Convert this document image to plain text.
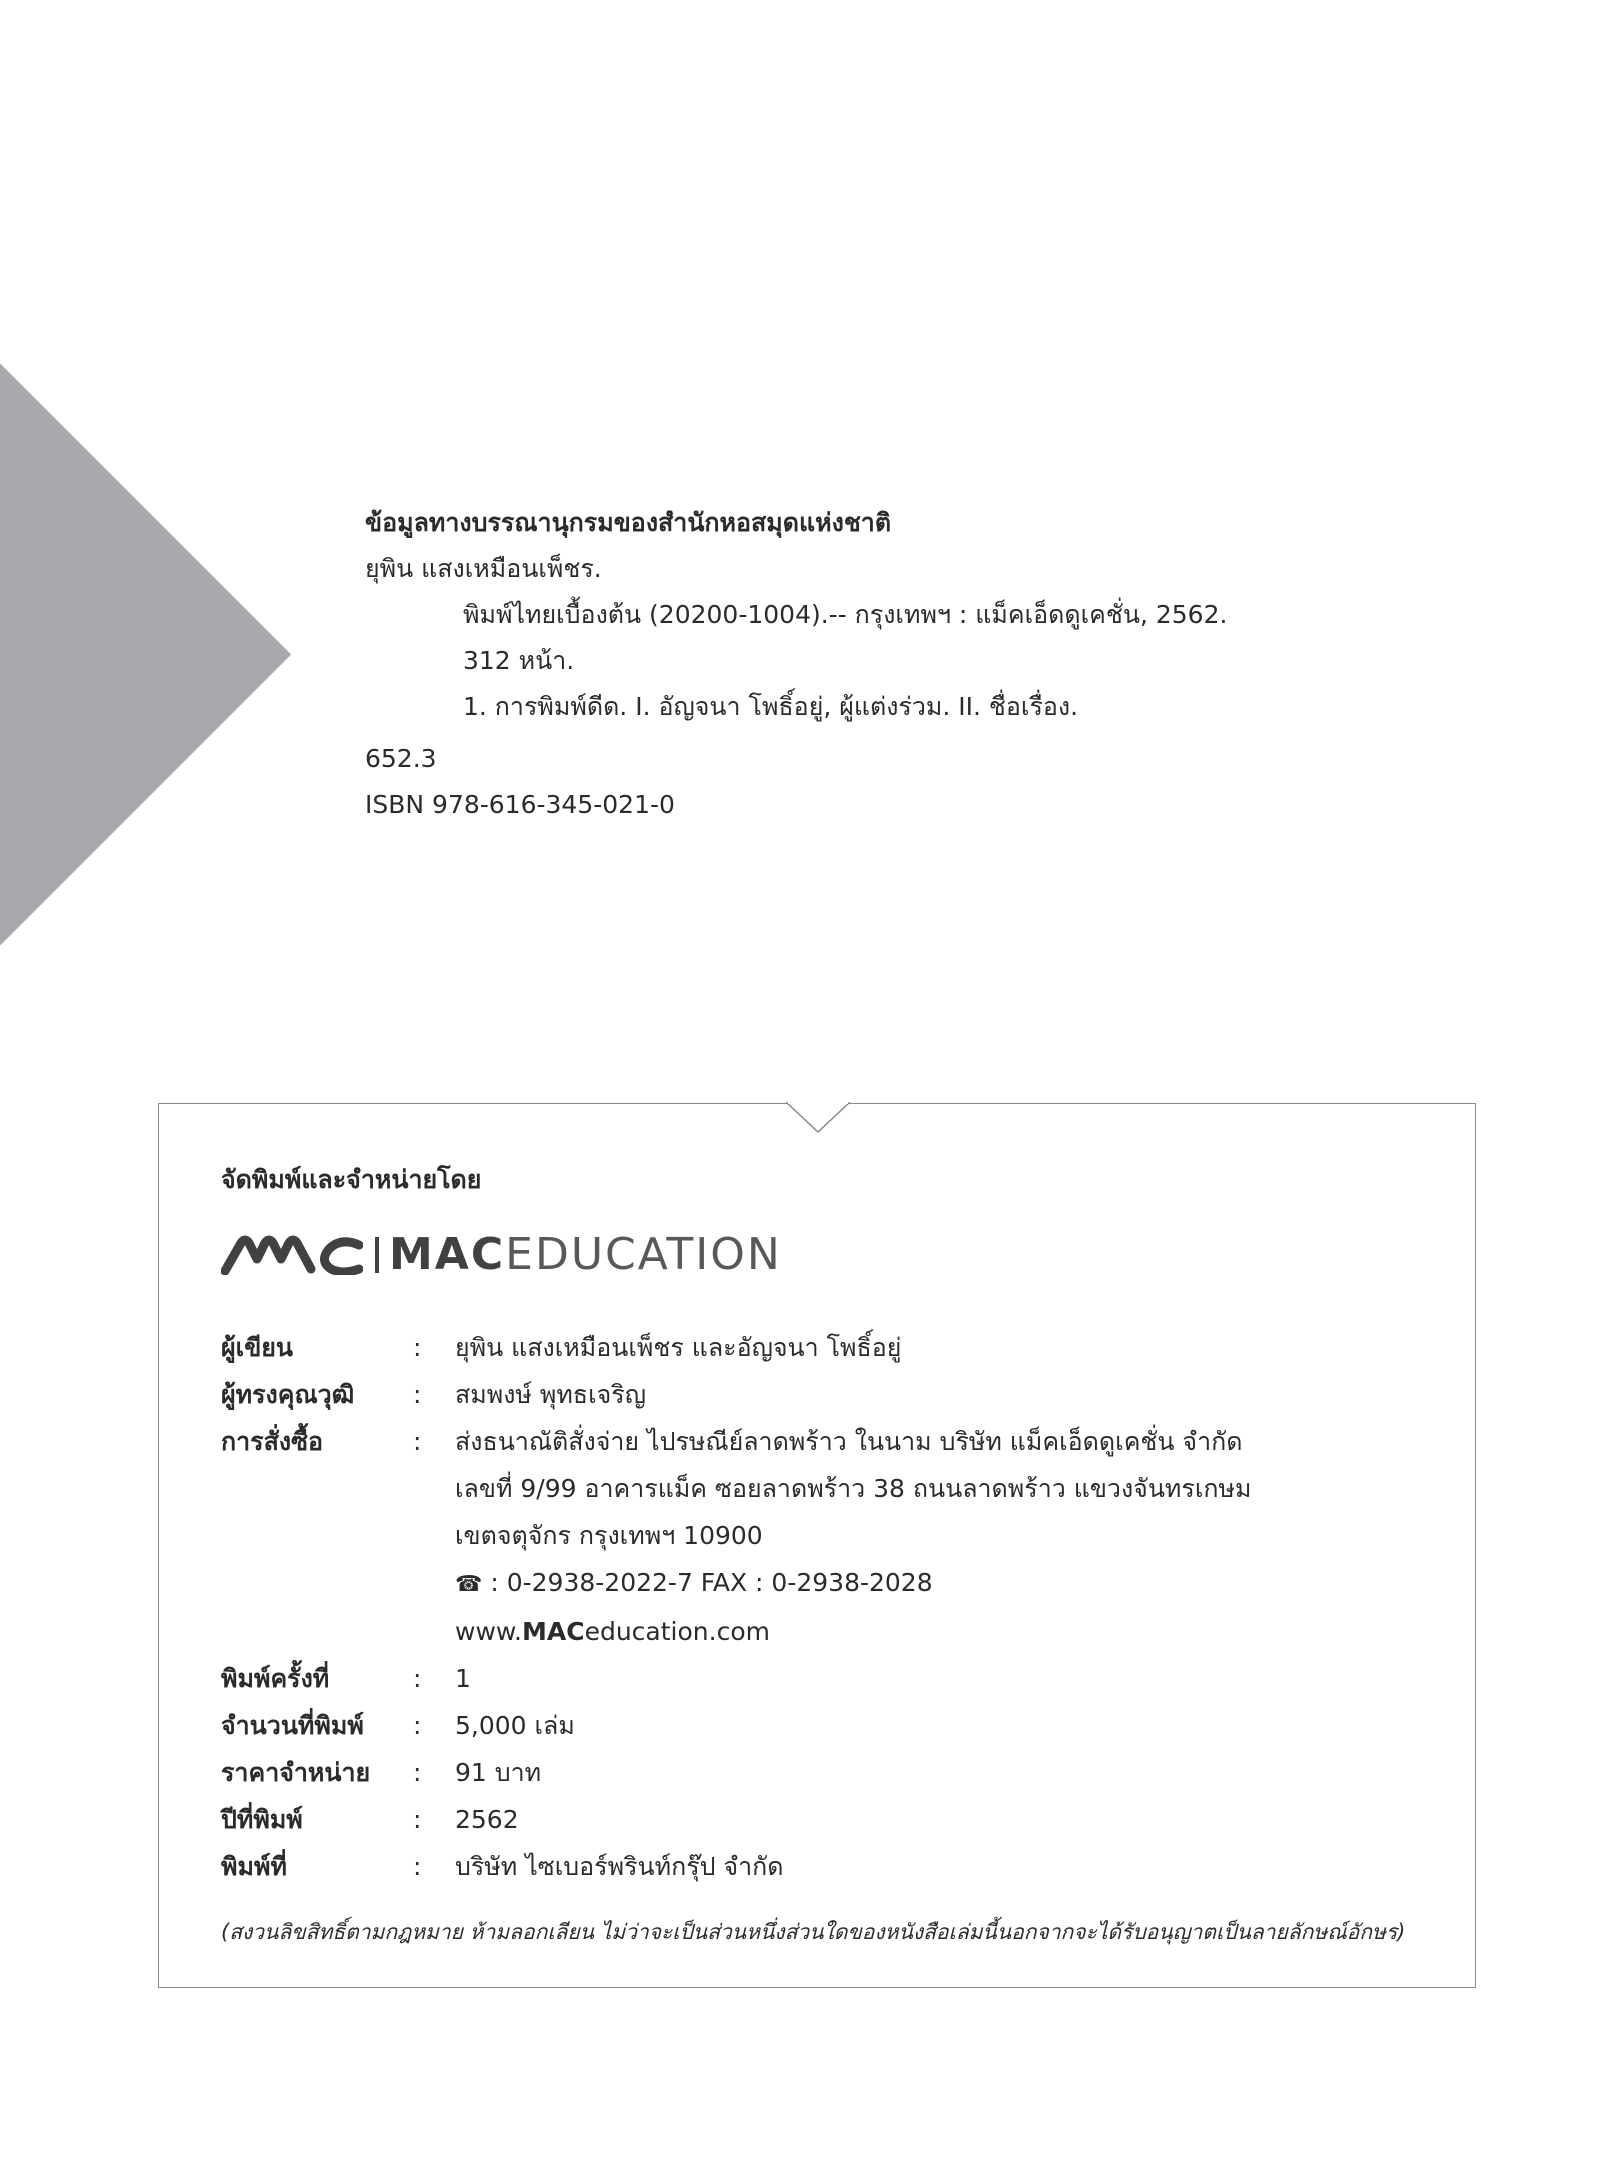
ข้อมูลทางบรรณานุกรมของสำนักหอสมุดแห่งชาติ
ยุพิน แสงเหมือนเพ็ชร.
พิมพ์ไทยเบื้องต้น (20200-1004).-- กรุงเทพฯ : แม็คเอ็ดดูเคชั่น, 2562.
312 หน้า.
1. การพิมพ์ดีด. I. อัญจนา โพธิ์อยู่, ผู้แต่งร่วม. II. ชื่อเรื่อง.
652.3
ISBN 978-616-345-021-0
จัดพิมพ์และจำหน่ายโดย
MACEDUCATION
ผู้เขียน	:	ยุพิน แสงเหมือนเพ็ชร และอัญจนา โพธิ์อยู่
ผู้ทรงคุณวุฒิ	:	สมพงษ์ พุทธเจริญ
การสั่งซื้อ	:	ส่งธนาณัติสั่งจ่าย ไปรษณีย์ลาดพร้าว ในนาม บริษัท แม็คเอ็ดดูเคชั่น จำกัด
เลขที่ 9/99 อาคารแม็ค ซอยลาดพร้าว 38 ถนนลาดพร้าว แขวงจันทรเกษม
เขตจตุจักร กรุงเทพฯ 10900
☎ : 0-2938-2022-7 FAX : 0-2938-2028
www.MACeducation.com
พิมพ์ครั้งที่	:	1
จำนวนที่พิมพ์	:	5,000 เล่ม
ราคาจำหน่าย	:	91 บาท
ปีที่พิมพ์	:	2562
พิมพ์ที่	:	บริษัท ไซเบอร์พรินท์กรุ๊ป จำกัด
(สงวนลิขสิทธิ์ตามกฎหมาย ห้ามลอกเลียน ไม่ว่าจะเป็นส่วนหนึ่งส่วนใดของหนังสือเล่มนี้นอกจากจะได้รับอนุญาตเป็นลายลักษณ์อักษร)
